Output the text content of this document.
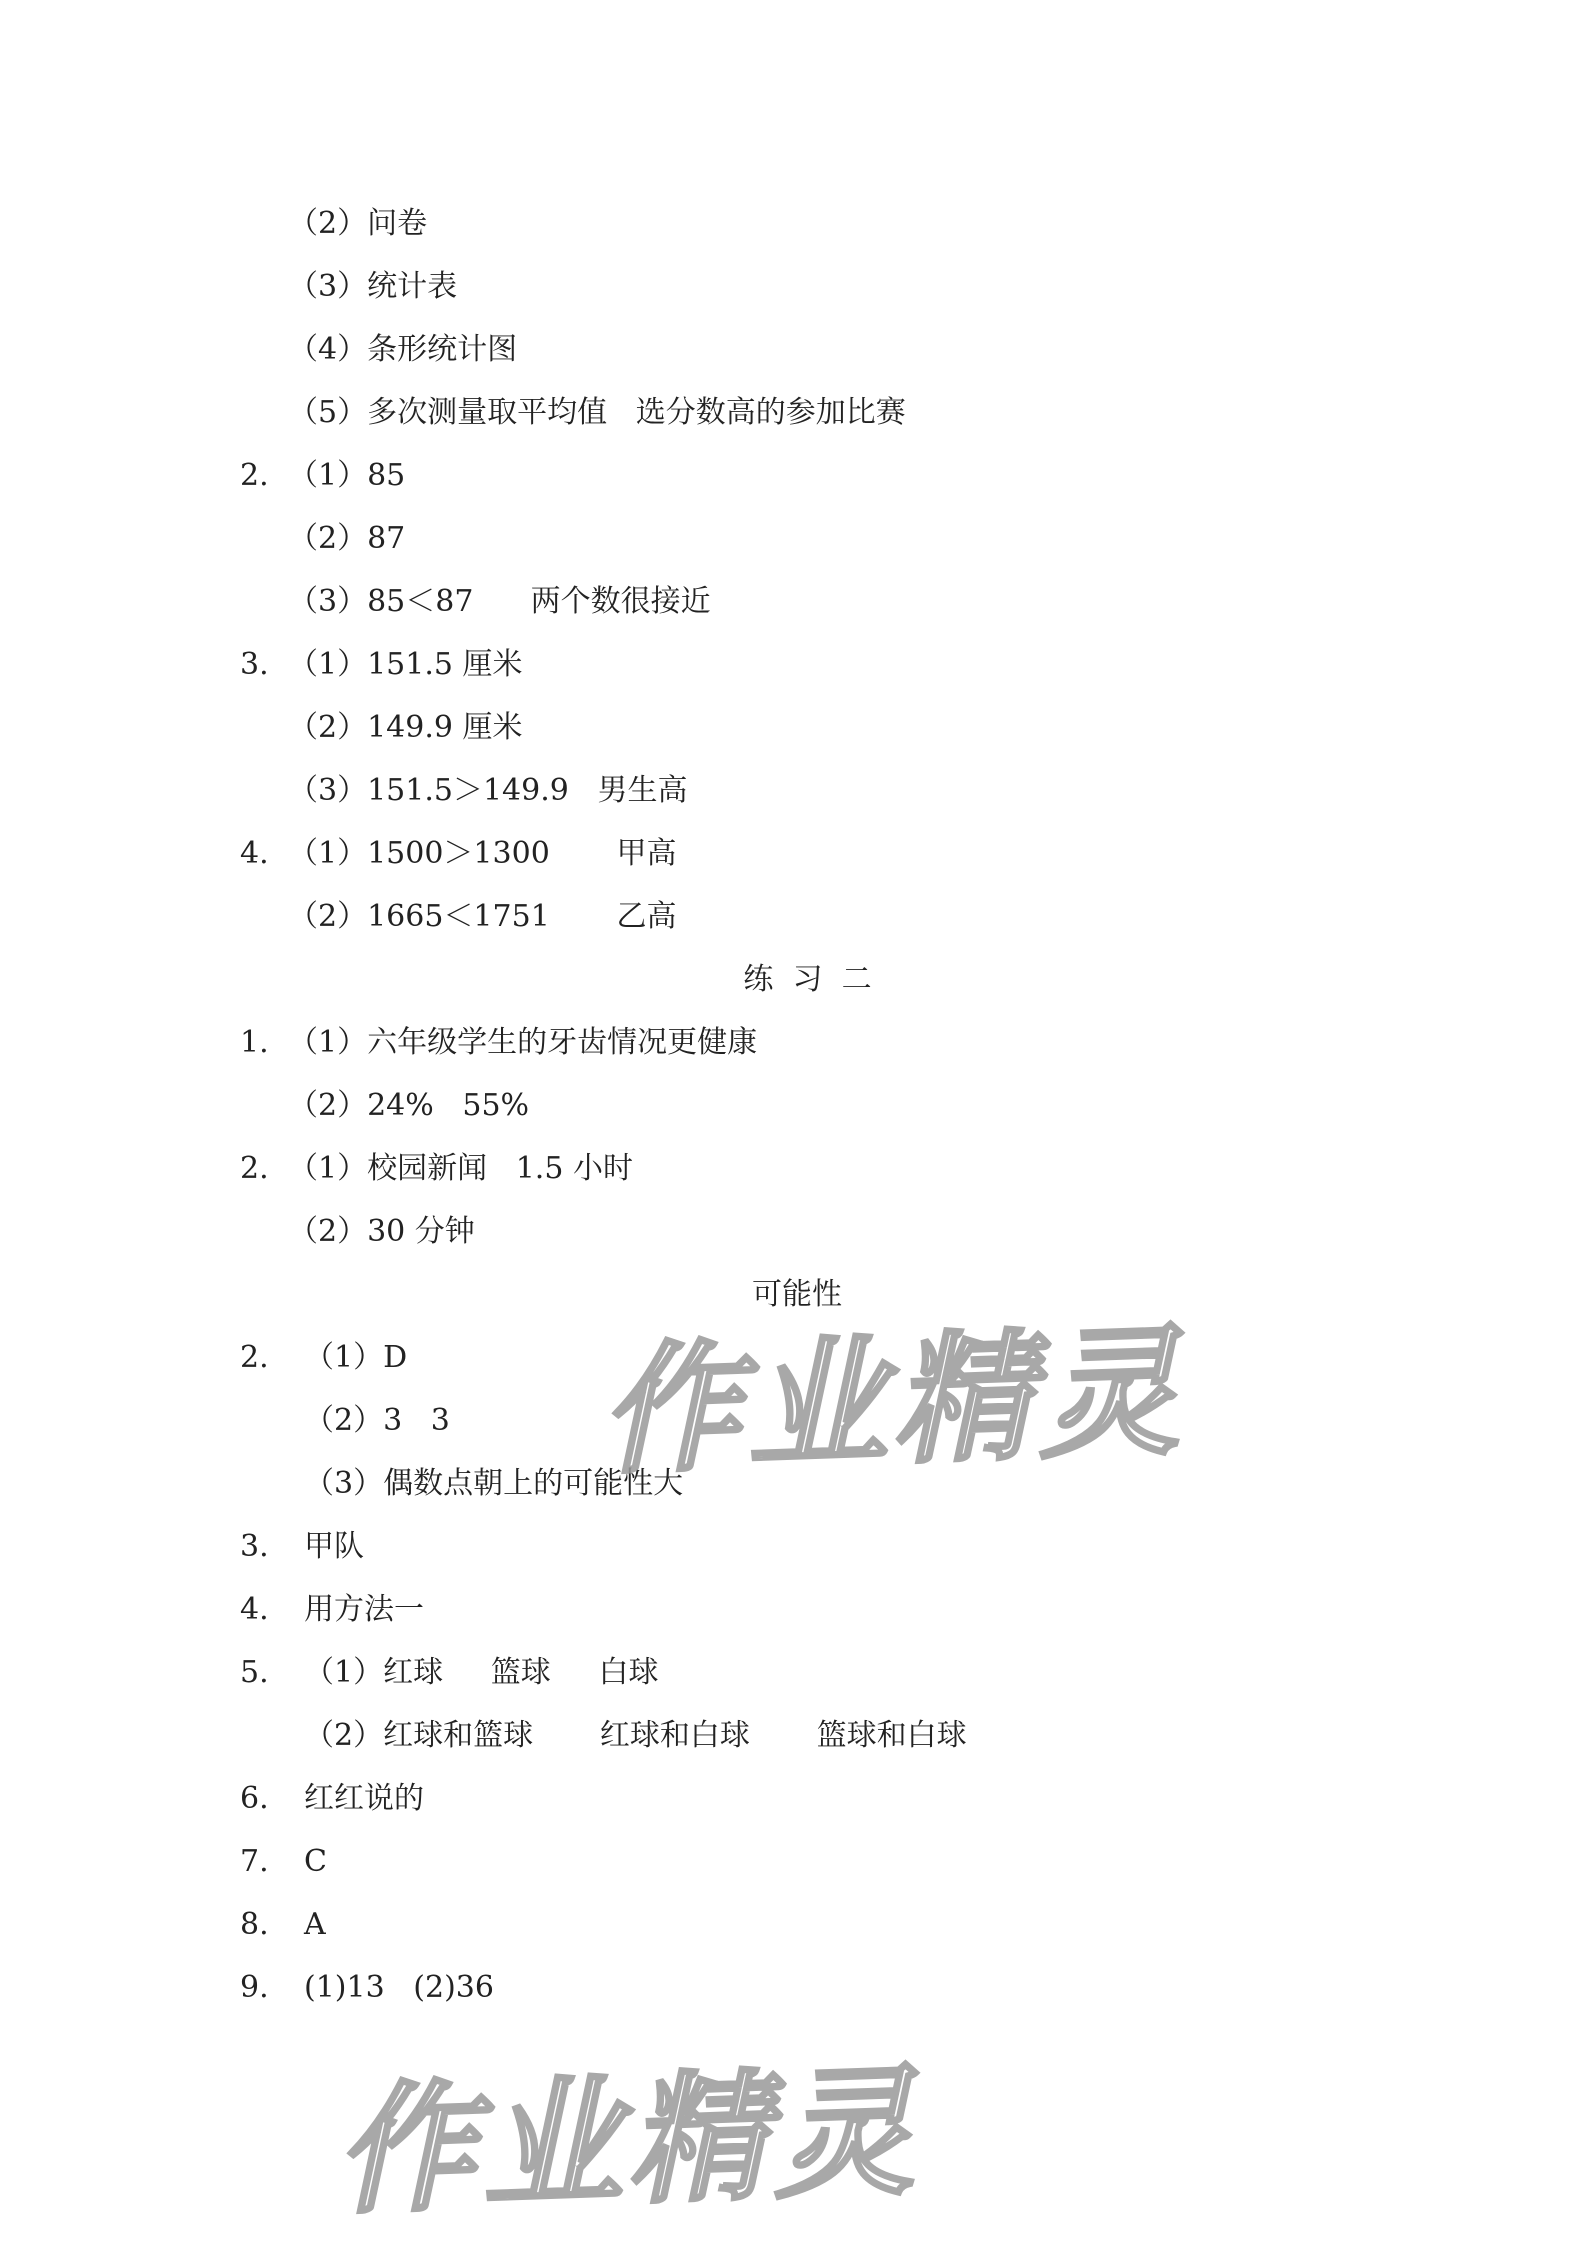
（2）问卷

（3）统计表

（4）条形统计图

（5）多次测量取平均值   选分数高的参加比赛

2. （1）85

（2）87

（3）85＜87      两个数很接近

3. （1）151.5 厘米

（2）149.9 厘米

（3）151.5＞149.9   男生高

4. （1）1500＞1300       甲高

（2）1665＜1751       乙高

练  习  二

1. （1）六年级学生的牙齿情况更健康

（2）24%   55%

2. （1）校园新闻   1.5 小时

（2）30 分钟

可能性

2. （1）D

（2）3   3

（3）偶数点朝上的可能性大

3. 甲队

4. 用方法一

5. （1）红球     篮球     白球

（2）红球和篮球       红球和白球       篮球和白球

6. 红红说的

7. C

8. A

9. (1)13   (2)36

作业精灵
作业精灵
